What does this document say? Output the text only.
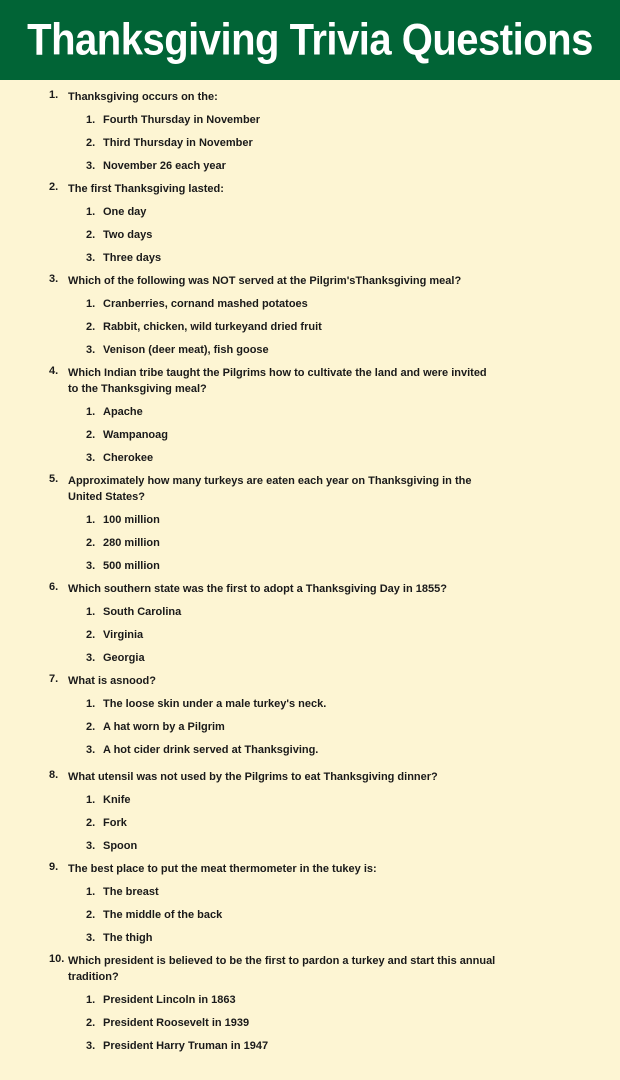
Thanksgiving Trivia Questions
1. Thanksgiving occurs on the:
1. Fourth Thursday in November
2. Third Thursday in November
3. November 26 each year
2. The first Thanksgiving lasted:
1. One day
2. Two days
3. Three days
3. Which of the following was NOT served at the Pilgrim'sThanksgiving meal?
1. Cranberries, cornand mashed potatoes
2. Rabbit, chicken, wild turkeyand dried fruit
3. Venison (deer meat), fish goose
4. Which Indian tribe taught the Pilgrims how to cultivate the land and were invited to the Thanksgiving meal?
1. Apache
2. Wampanoag
3. Cherokee
5. Approximately how many turkeys are eaten each year on Thanksgiving in the United States?
1. 100 million
2. 280 million
3. 500 million
6. Which southern state was the first to adopt a Thanksgiving Day in 1855?
1. South Carolina
2. Virginia
3. Georgia
7. What is asnood?
1. The loose skin under a male turkey's neck.
2. A hat worn by a Pilgrim
3. A hot cider drink served at Thanksgiving.
8. What utensil was not used by the Pilgrims to eat Thanksgiving dinner?
1. Knife
2. Fork
3. Spoon
9. The best place to put the meat thermometer in the tukey is:
1. The breast
2. The middle of the back
3. The thigh
10. Which president is believed to be the first to pardon a turkey and start this annual tradition?
1. President Lincoln in 1863
2. President Roosevelt in 1939
3. President Harry Truman in 1947
